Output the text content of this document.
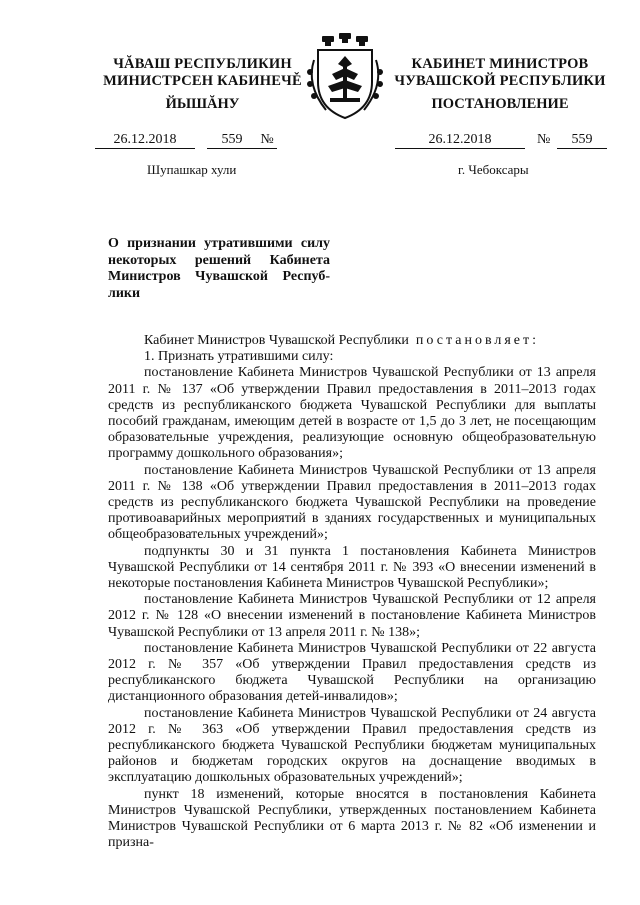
ЧĂВАШ РЕСПУБЛИКИН
МИНИСТРСЕН КАБИНЕЧĚ
КАБИНЕТ МИНИСТРОВ
ЧУВАШСКОЙ РЕСПУБЛИКИ
ЙЫШĂНУ	ПОСТАНОВЛЕНИЕ
26.12.2018	559 №	26.12.2018	№ 559
Шупашкар хули	г. Чебоксары
О признании утратившими силу некоторых решений Кабинета Министров Чувашской Респуб-лики

Кабинет Министров Чувашской Республики постановляет:

1. Признать утратившими силу:

постановление Кабинета Министров Чувашской Республики от 13 апреля 2011 г. № 137 «Об утверждении Правил предоставления в 2011–2013 годах средств из республиканского бюджета Чувашской Республики для выплаты пособий гражданам, имеющим детей в возрасте от 1,5 до 3 лет, не посещающим образовательные учреждения, реализующие основную общеобразовательную программу дошкольного образования»;

постановление Кабинета Министров Чувашской Республики от 13 апреля 2011 г. № 138 «Об утверждении Правил предоставления в 2011–2013 годах средств из республиканского бюджета Чувашской Республики на проведение противоаварийных мероприятий в зданиях государственных и муниципальных общеобразовательных учреждений»;

подпункты 30 и 31 пункта 1 постановления Кабинета Министров Чувашской Республики от 14 сентября 2011 г. № 393 «О внесении изменений в некоторые постановления Кабинета Министров Чувашской Республики»;

постановление Кабинета Министров Чувашской Республики от 12 апреля 2012 г. № 128 «О внесении изменений в постановление Кабинета Министров Чувашской Республики от 13 апреля 2011 г. № 138»;

постановление Кабинета Министров Чувашской Республики от 22 августа 2012 г. № 357 «Об утверждении Правил предоставления средств из республиканского бюджета Чувашской Республики на организацию дистанционного образования детей-инвалидов»;

постановление Кабинета Министров Чувашской Республики от 24 августа 2012 г. № 363 «Об утверждении Правил предоставления средств из республиканского бюджета Чувашской Республики бюджетам муниципальных районов и бюджетам городских округов на доснащение вводимых в эксплуатацию дошкольных образовательных учреждений»;

пункт 18 изменений, которые вносятся в постановления Кабинета Министров Чувашской Республики, утвержденных постановлением Кабинета Министров Чувашской Республики от 6 марта 2013 г. № 82 «Об изменении и призна-
